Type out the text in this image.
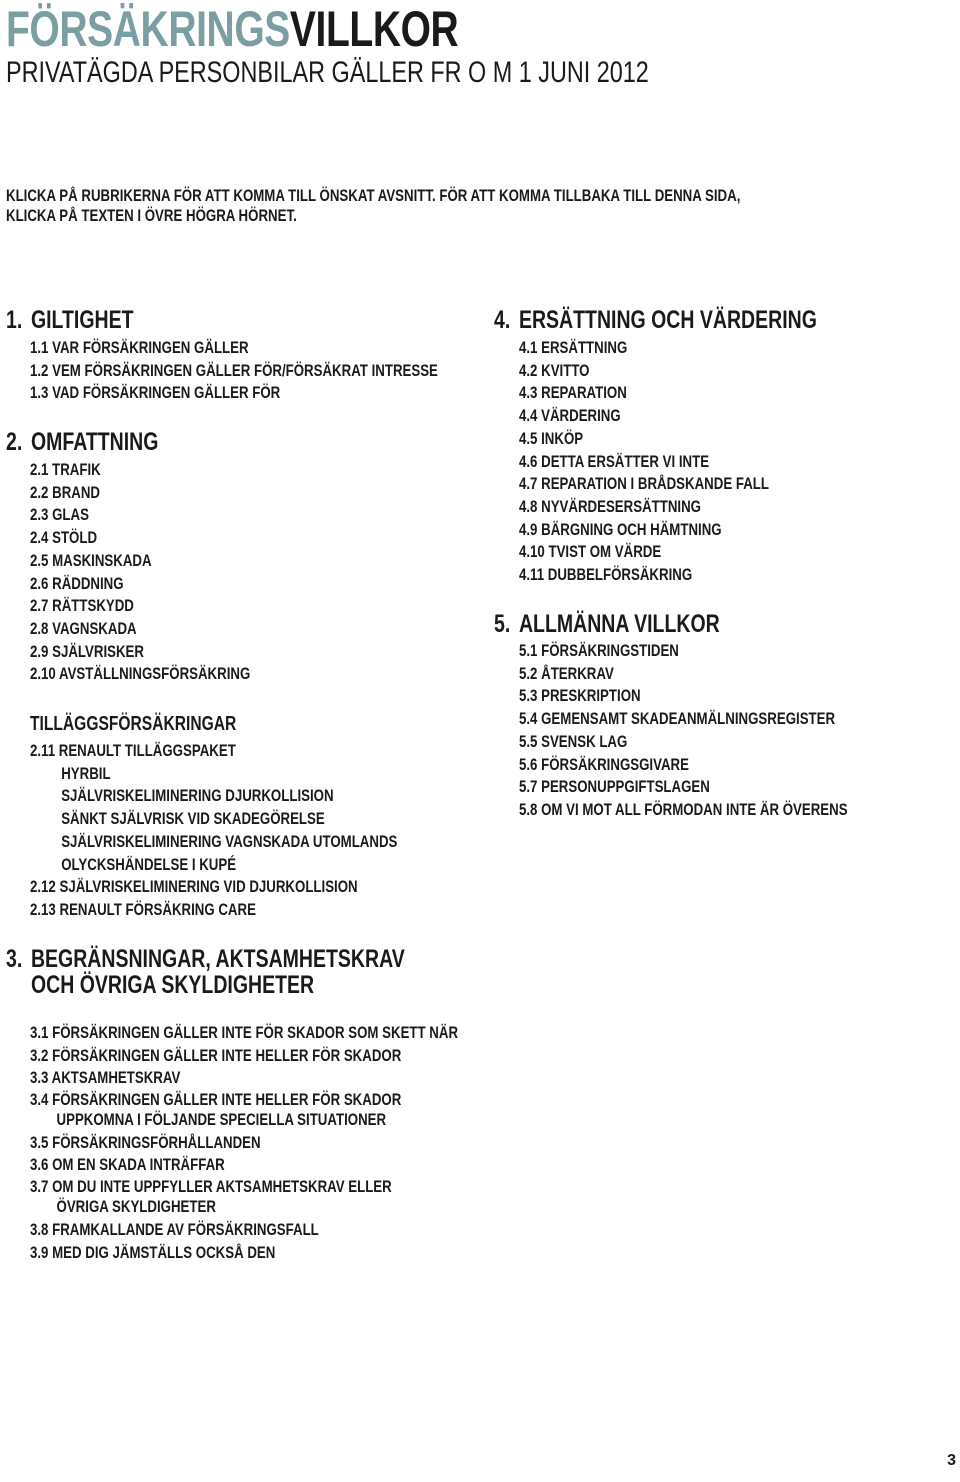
FÖRSÄKRINGSVILLKOR
PRIVATÄGDA PERSONBILAR GÄLLER FR O M 1 JUNI 2012
KLICKA PÅ RUBRIKERNA FÖR ATT KOMMA TILL ÖNSKAT AVSNITT. FÖR ATT KOMMA TILLBAKA TILL DENNA SIDA,
KLICKA PÅ TEXTEN I ÖVRE HÖGRA HÖRNET.
1. GILTIGHET
1.1 VAR FÖRSÄKRINGEN GÄLLER
1.2 VEM FÖRSÄKRINGEN GÄLLER FÖR/FÖRSÄKRAT INTRESSE
1.3 VAD FÖRSÄKRINGEN GÄLLER FÖR
2. OMFATTNING
2.1 TRAFIK
2.2 BRAND
2.3 GLAS
2.4 STÖLD
2.5 MASKINSKADA
2.6 RÄDDNING
2.7 RÄTTSKYDD
2.8 VAGNSKADA
2.9 SJÄLVRISKER
2.10 AVSTÄLLNINGSFÖRSÄKRING
TILLÄGGSFÖRSÄKRINGAR
2.11 RENAULT TILLÄGGSPAKET
HYRBIL
SJÄLVRISKELIMINERING DJURKOLLISION
SÄNKT SJÄLVRISK VID SKADEGÖRELSE
SJÄLVRISKELIMINERING VAGNSKADA UTOMLANDS
OLYCKSHÄNDELSE I KUPÉ
2.12 SJÄLVRISKELIMINERING VID DJURKOLLISION
2.13 RENAULT FÖRSÄKRING CARE
3. BEGRÄNSNINGAR, AKTSAMHETSKRAV
OCH ÖVRIGA SKYLDIGHETER
3.1 FÖRSÄKRINGEN GÄLLER INTE FÖR SKADOR SOM SKETT NÄR
3.2 FÖRSÄKRINGEN GÄLLER INTE HELLER FÖR SKADOR
3.3 AKTSAMHETSKRAV
3.4 FÖRSÄKRINGEN GÄLLER INTE HELLER FÖR SKADOR
UPPKOMNA I FÖLJANDE SPECIELLA SITUATIONER
3.5 FÖRSÄKRINGSFÖRHÅLLANDEN
3.6 OM EN SKADA INTRÄFFAR
3.7 OM DU INTE UPPFYLLER AKTSAMHETSKRAV ELLER
ÖVRIGA SKYLDIGHETER
3.8 FRAMKALLANDE AV FÖRSÄKRINGSFALL
3.9 MED DIG JÄMSTÄLLS OCKSÅ DEN
4. ERSÄTTNING OCH VÄRDERING
4.1 ERSÄTTNING
4.2 KVITTO
4.3 REPARATION
4.4 VÄRDERING
4.5 INKÖP
4.6 DETTA ERSÄTTER VI INTE
4.7 REPARATION I BRÅDSKANDE FALL
4.8 NYVÄRDESERSÄTTNING
4.9 BÄRGNING OCH HÄMTNING
4.10 TVIST OM VÄRDE
4.11 DUBBELFÖRSÄKRING
5. ALLMÄNNA VILLKOR
5.1 FÖRSÄKRINGSTIDEN
5.2 ÅTERKRAV
5.3 PRESKRIPTION
5.4 GEMENSAMT SKADEANMÄLNINGSREGISTER
5.5 SVENSK LAG
5.6 FÖRSÄKRINGSGIVARE
5.7 PERSONUPPGIFTSLAGEN
5.8 OM VI MOT ALL FÖRMODAN INTE ÄR ÖVERENS
3
